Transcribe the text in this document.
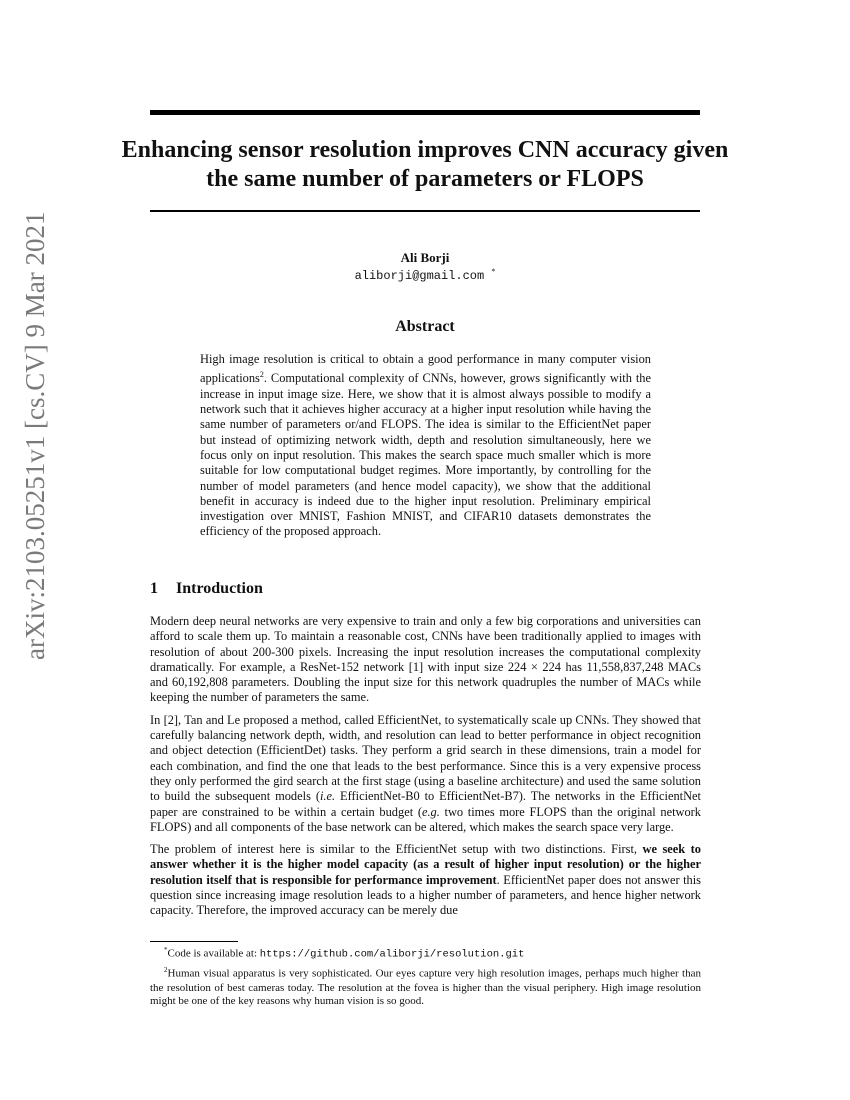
arXiv:2103.05251v1 [cs.CV] 9 Mar 2021
Enhancing sensor resolution improves CNN accuracy given the same number of parameters or FLOPS
Ali Borji
aliborji@gmail.com *
Abstract
High image resolution is critical to obtain a good performance in many computer vision applications$^2$. Computational complexity of CNNs, however, grows significantly with the increase in input image size. Here, we show that it is almost always possible to modify a network such that it achieves higher accuracy at a higher input resolution while having the same number of parameters or/and FLOPS. The idea is similar to the EfficientNet paper but instead of optimizing network width, depth and resolution simultaneously, here we focus only on input resolution. This makes the search space much smaller which is more suitable for low computational budget regimes. More importantly, by controlling for the number of model parameters (and hence model capacity), we show that the additional benefit in accuracy is indeed due to the higher input resolution. Preliminary empirical investigation over MNIST, Fashion MNIST, and CIFAR10 datasets demonstrates the efficiency of the proposed approach.
1 Introduction

Modern deep neural networks are very expensive to train and only a few big corporations and universities can afford to scale them up. To maintain a reasonable cost, CNNs have been traditionally applied to images with resolution of about 200-300 pixels. Increasing the input resolution increases the computational complexity dramatically. For example, a ResNet-152 network [1] with input size 224 × 224 has 11,558,837,248 MACs and 60,192,808 parameters. Doubling the input size for this network quadruples the number of MACs while keeping the number of parameters the same.

In [2], Tan and Le proposed a method, called EfficientNet, to systematically scale up CNNs. They showed that carefully balancing network depth, width, and resolution can lead to better performance in object recognition and object detection (EfficientDet) tasks. They perform a grid search in these dimensions, train a model for each combination, and find the one that leads to the best performance. Since this is a very expensive process they only performed the gird search at the first stage (using a baseline architecture) and used the same solution to build the subsequent models (i.e. EfficientNet-B0 to EfficientNet-B7). The networks in the EfficientNet paper are constrained to be within a certain budget (e.g. two times more FLOPS than the original network FLOPS) and all components of the base network can be altered, which makes the search space very large.

The problem of interest here is similar to the EfficientNet setup with two distinctions. First, we seek to answer whether it is the higher model capacity (as a result of higher input resolution) or the higher resolution itself that is responsible for performance improvement. EfficientNet paper does not answer this question since increasing image resolution leads to a higher number of parameters, and hence higher network capacity. Therefore, the improved accuracy can be merely due

*Code is available at: https://github.com/aliborji/resolution.git

$^2$Human visual apparatus is very sophisticated. Our eyes capture very high resolution images, perhaps much higher than the resolution of best cameras today. The resolution at the fovea is higher than the visual periphery. High image resolution might be one of the key reasons why human vision is so good.
